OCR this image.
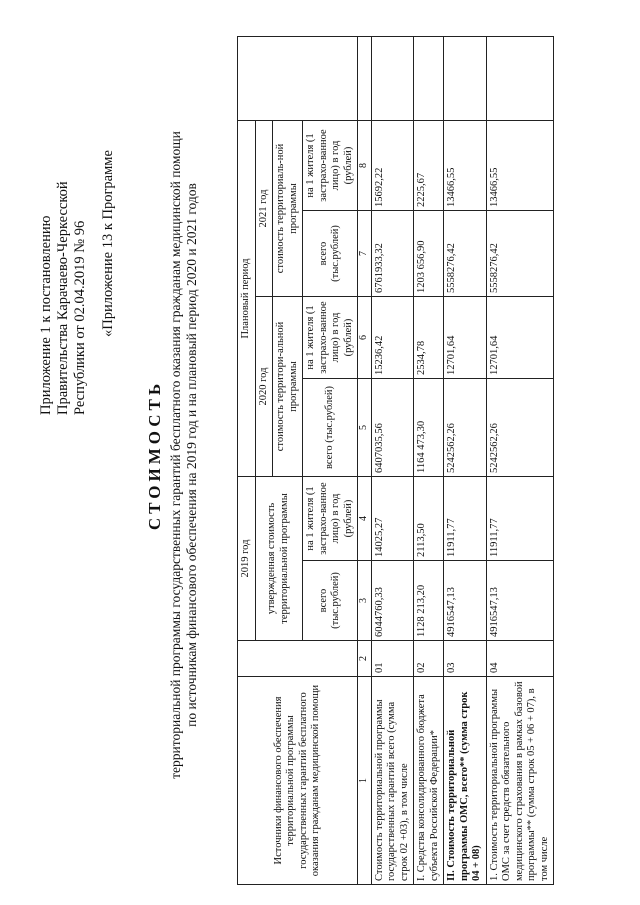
Приложение 1 к постановлению Правительства Карачаево-Черкесской Республики от 02.04.2019 № 96 «Приложение 13 к Программе
СТОИМОСТЬ территориальной программы государственных гарантий бесплатного оказания гражданам медицинской помощи по источникам финансового обеспечения на 2019 год и на плановый период 2020 и 2021 годов
Источники финансового обеспечения территориальной программы государственных гарантий бесплатного оказания гражданам медицинской помощи		2019 год		Плановый период				
		утвержденная стоимость территориальной программы		2020 год		2021 год		
				стоимость территори-альной программы		стоимость территориаль-ной программы		
		всего (тыс.рублей)	на 1 жителя (1 застрахо-ванное лицо) в год (рублей)	всего (тыс.рублей)	на 1 жителя (1 застрахо-ванное лицо) в год (рублей)	всего (тыс.рублей)	на 1 жителя (1 застрахо-ванное лицо) в год (рублей)	
1	2	3	4	5	6	7	8	
Стоимость территориальной программы государственных гарантий всего (сумма строк 02 +03), в том числе	01	6044760,33	14025,27	6407035,56	15236,42	6761933,32	15692,22	
I. Средства консолидированного бюджета субъекта Российской Федерации*	02	1128 213,20	2113,50	1164 473,30	2534,78	1203 656,90	2225,67	
II. Стоимость территориальной программы ОМС, всего** (сумма строк 04 + 08)	03	4916547,13	11911,77	5242562,26	12701,64	5558276,42	13466,55	
1. Стоимость территориальной программы ОМС за счет средств обязательного медицинского страхования в рамках базовой программы** (сумма строк 05 + 06 + 07), в том числе	04	4916547,13	11911,77	5242562,26	12701,64	5558276,42	13466,55	
